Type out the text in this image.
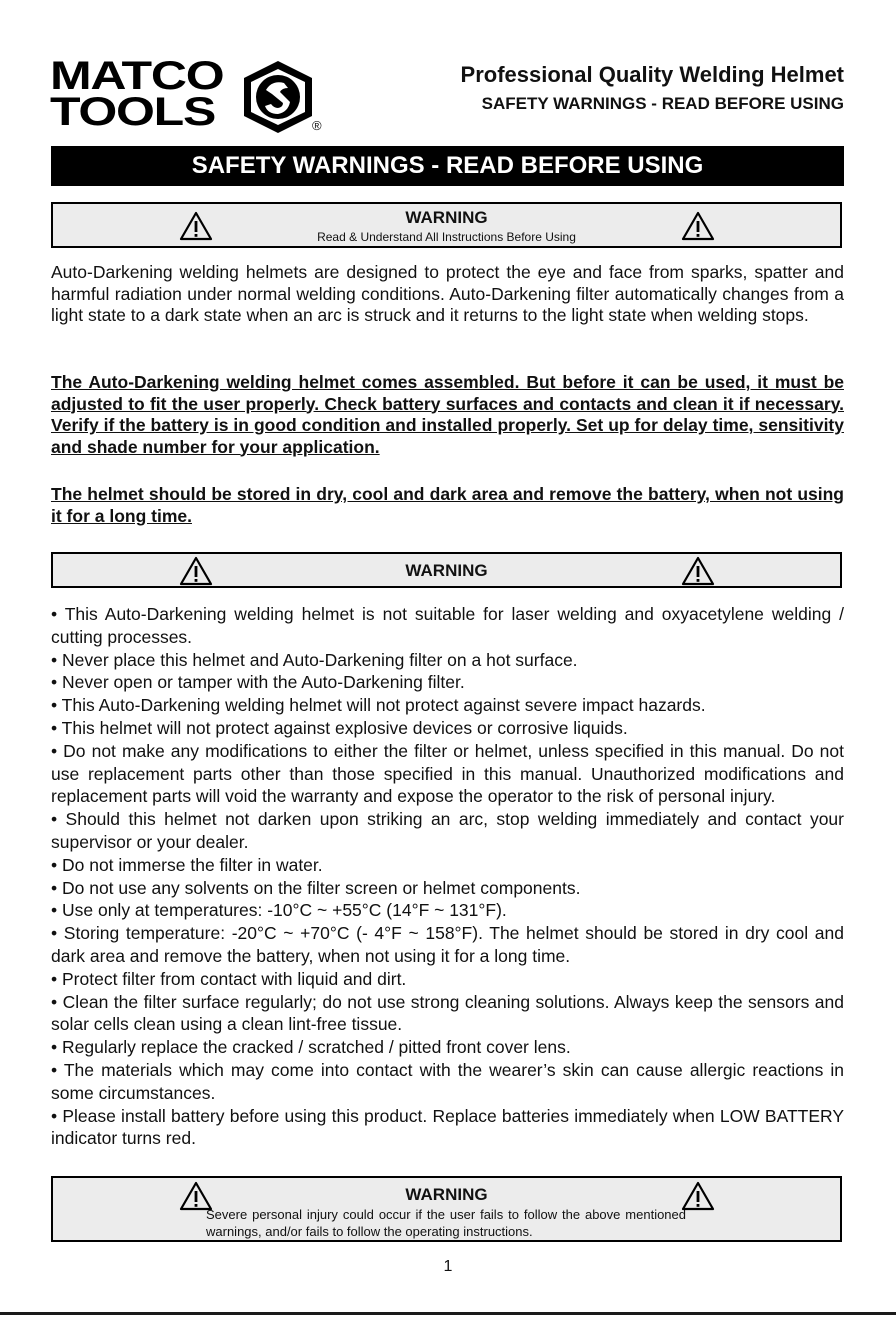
MATCO
TOOLS	®
Professional Quality Welding Helmet
SAFETY WARNINGS - READ BEFORE USING
SAFETY WARNINGS - READ BEFORE USING
WARNING
Read & Understand All Instructions Before Using
Auto-Darkening welding helmets are designed to protect the eye and face from sparks, spatter and harmful radiation under normal welding conditions. Auto-Darkening filter automatically changes from a light state to a dark state when an arc is struck and it returns to the light state when welding stops.
The Auto-Darkening welding helmet comes assembled. But before it can be used, it must be adjusted to fit the user properly. Check battery surfaces and contacts and clean it if necessary. Verify if the battery is in good condition and installed properly. Set up for delay time, sensitivity and shade number for your application.
The helmet should be stored in dry, cool and dark area and remove the battery, when not using it for a long time.
WARNING

• This Auto-Darkening welding helmet is not suitable for laser welding and oxyacetylene welding / cutting processes.

• Never place this helmet and Auto-Darkening filter on a hot surface.

• Never open or tamper with the Auto-Darkening filter.

• This Auto-Darkening welding helmet will not protect against severe impact hazards.

• This helmet will not protect against explosive devices or corrosive liquids.

• Do not make any modifications to either the filter or helmet, unless specified in this manual. Do not use replacement parts other than those specified in this manual. Unauthorized modifications and replacement parts will void the warranty and expose the operator to the risk of personal injury.

• Should this helmet not darken upon striking an arc, stop welding immediately and contact your supervisor or your dealer.

• Do not immerse the filter in water.

• Do not use any solvents on the filter screen or helmet components.

• Use only at temperatures: -10°C ~ +55°C (14°F ~ 131°F).

• Storing temperature: -20°C ~ +70°C (- 4°F ~ 158°F). The helmet should be stored in dry cool and dark area and remove the battery, when not using it for a long time.

• Protect filter from contact with liquid and dirt.

• Clean the filter surface regularly; do not use strong cleaning solutions. Always keep the sensors and solar cells clean using a clean lint-free tissue.

• Regularly replace the cracked / scratched / pitted front cover lens.

• The materials which may come into contact with the wearer’s skin can cause allergic reactions in some circumstances.

• Please install battery before using this product. Replace batteries immediately when LOW BATTERY indicator turns red.

WARNING
Severe personal injury could occur if the user fails to follow the above mentioned warnings, and/or fails to follow the operating instructions.
1
